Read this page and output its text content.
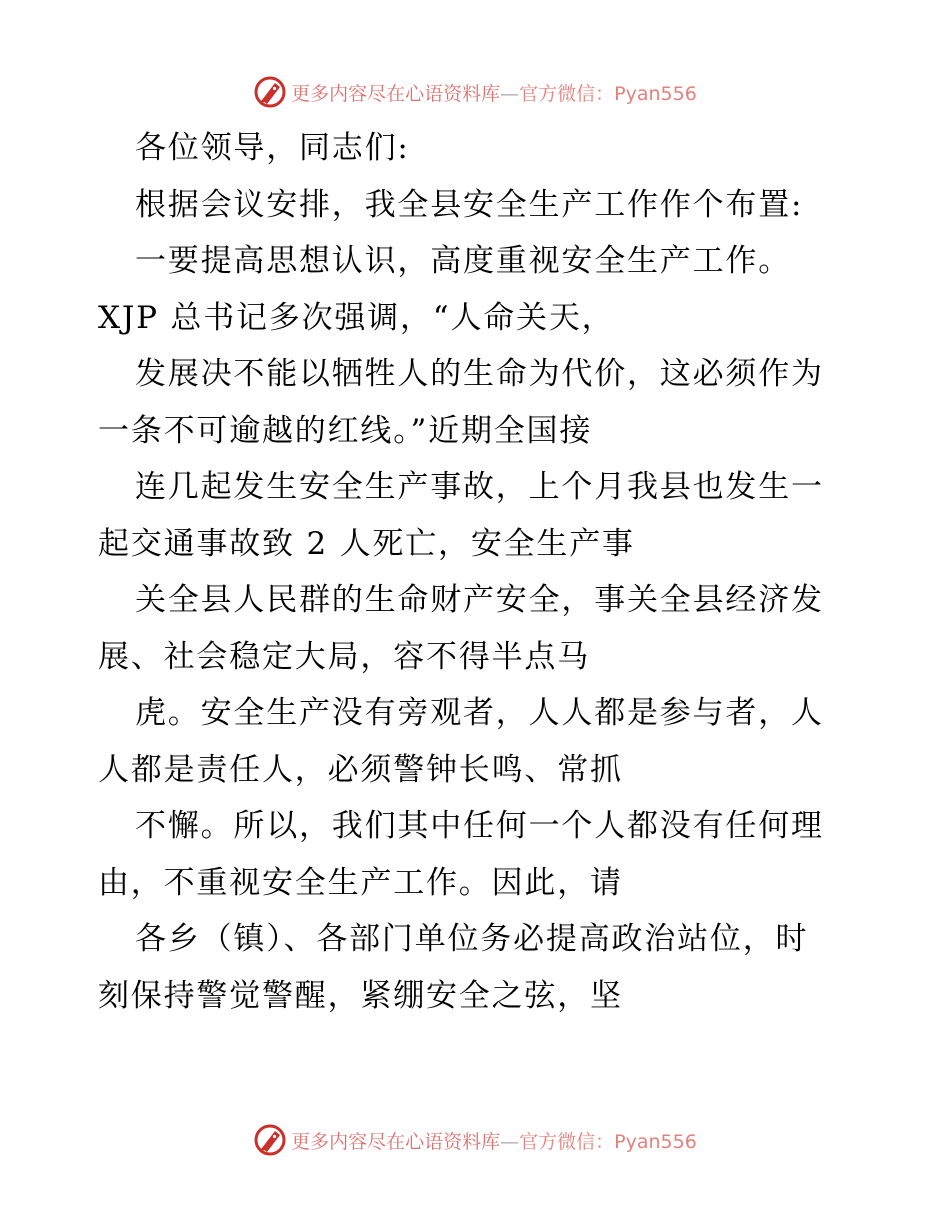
更多内容尽在心语资料库—官方微信：Pyan556
各位领导，同志们:
根据会议安排，我全县安全生产工作作个布置:
一要提高思想认识，高度重视安全生产工作。
XJP 总书记多次强调，“人命关天，
发展决不能以牺牲人的生命为代价，这必须作为
一条不可逾越的红线。”近期全国接
连几起发生安全生产事故，上个月我县也发生一
起交通事故致 2 人死亡，安全生产事
关全县人民群的生命财产安全，事关全县经济发
展、社会稳定大局，容不得半点马
虎。安全生产没有旁观者，人人都是参与者，人
人都是责任人，必须警钟长鸣、常抓
不懈。所以，我们其中任何一个人都没有任何理
由，不重视安全生产工作。因此，请
各乡（镇）、各部门单位务必提高政治站位，时
刻保持警觉警醒，紧绷安全之弦，坚
更多内容尽在心语资料库—官方微信：Pyan556
